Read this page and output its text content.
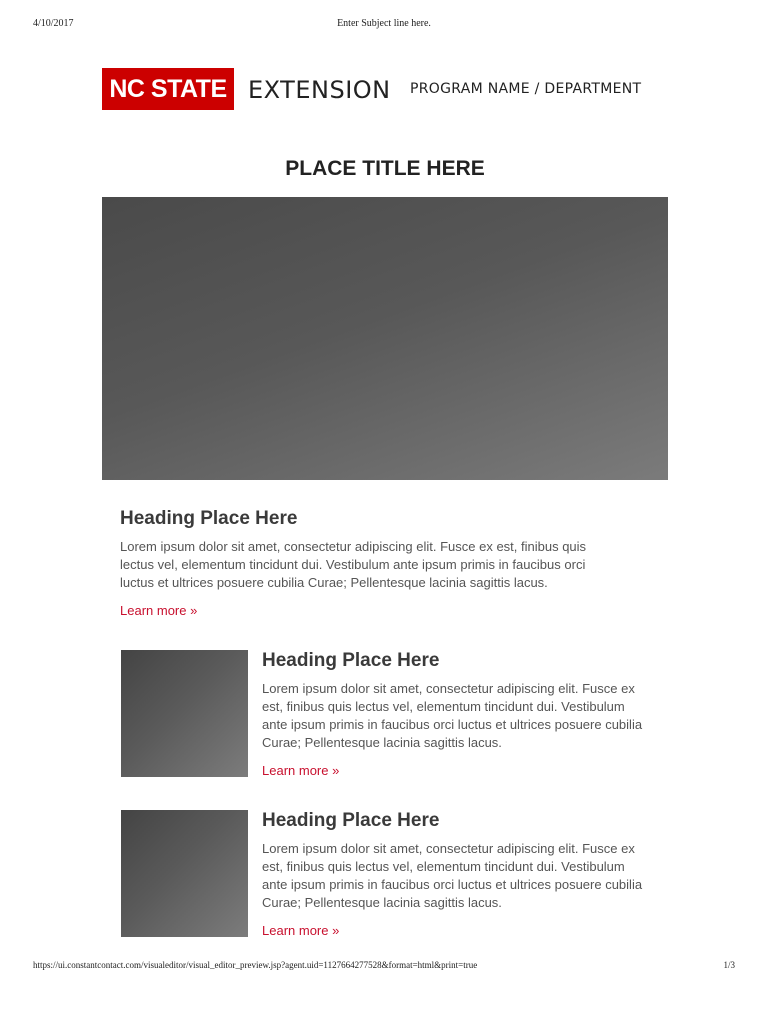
4/10/2017	Enter Subject line here.
NC STATE EXTENSION PROGRAM NAME / DEPARTMENT
PLACE TITLE HERE
Heading Place Here

Lorem ipsum dolor sit amet, consectetur adipiscing elit. Fusce ex est, finibus quis lectus vel, elementum tincidunt dui. Vestibulum ante ipsum primis in faucibus orci luctus et ultrices posuere cubilia Curae; Pellentesque lacinia sagittis lacus.

Learn more »
Heading Place Here

Lorem ipsum dolor sit amet, consectetur adipiscing elit. Fusce ex est, finibus quis lectus vel, elementum tincidunt dui. Vestibulum ante ipsum primis in faucibus orci luctus et ultrices posuere cubilia Curae; Pellentesque lacinia sagittis lacus.

Learn more »
Heading Place Here

Lorem ipsum dolor sit amet, consectetur adipiscing elit. Fusce ex est, finibus quis lectus vel, elementum tincidunt dui. Vestibulum ante ipsum primis in faucibus orci luctus et ultrices posuere cubilia Curae; Pellentesque lacinia sagittis lacus.

Learn more »
https://ui.constantcontact.com/visualeditor/visual_editor_preview.jsp?agent.uid=1127664277528&format=html&print=true	1/3
